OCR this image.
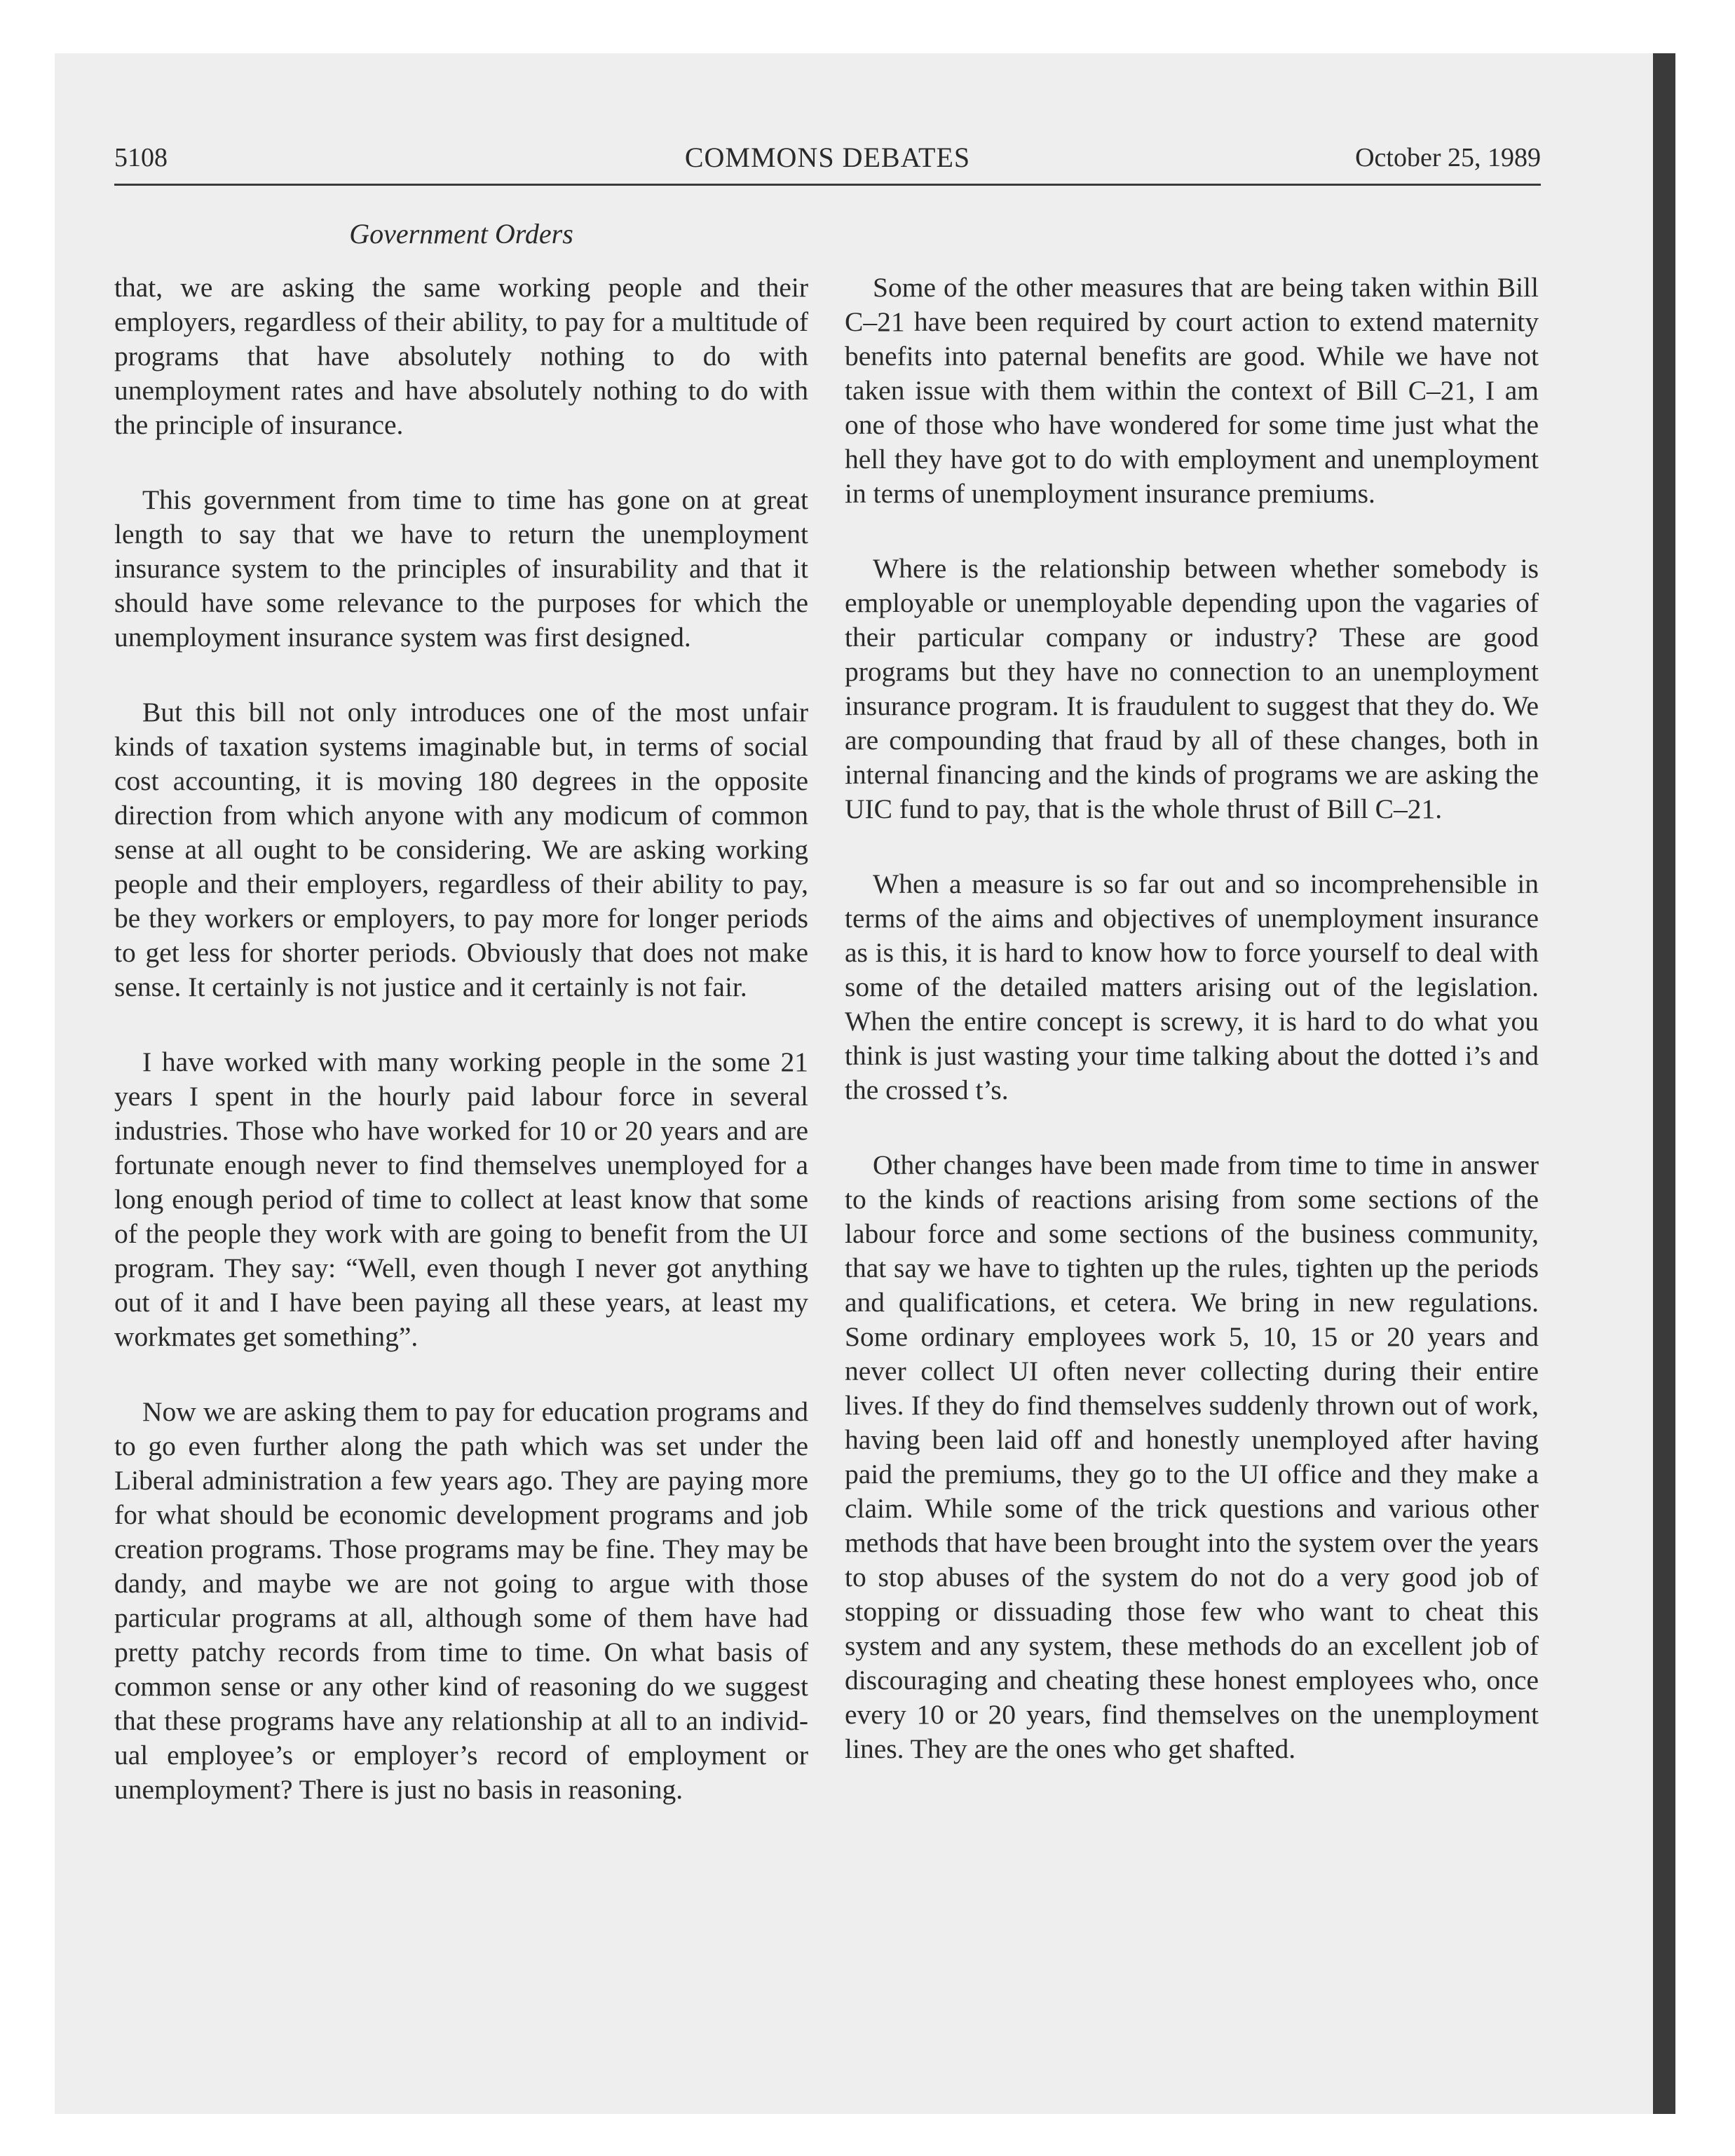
5108	COMMONS DEBATES	October 25, 1989
Government Orders

that, we are asking the same working people and their employers, regardless of their ability, to pay for a multitude of programs that have absolutely nothing to do with unemployment rates and have absolutely nothing to do with the principle of insurance.

This government from time to time has gone on at great length to say that we have to return the unemployment insurance system to the principles of insurability and that it should have some relevance to the purposes for which the unemployment insurance system was first designed.

But this bill not only introduces one of the most unfair kinds of taxation systems imaginable but, in terms of social cost accounting, it is moving 180 degrees in the opposite direction from which anyone with any modicum of common sense at all ought to be considering. We are asking working people and their employers, regardless of their ability to pay, be they workers or employers, to pay more for longer periods to get less for shorter periods. Obviously that does not make sense. It certainly is not justice and it certainly is not fair.

I have worked with many working people in the some 21 years I spent in the hourly paid labour force in several industries. Those who have worked for 10 or 20 years and are fortunate enough never to find themselves unemployed for a long enough period of time to collect at least know that some of the people they work with are going to benefit from the UI program. They say: “Well, even though I never got anything out of it and I have been paying all these years, at least my workmates get something”.

Now we are asking them to pay for education programs and to go even further along the path which was set under the Liberal administration a few years ago. They are paying more for what should be economic development programs and job creation programs. Those programs may be fine. They may be dandy, and maybe we are not going to argue with those particular programs at all, although some of them have had pretty patchy records from time to time. On what basis of common sense or any other kind of reasoning do we suggest that these programs have any relationship at all to an individual employee’s or employer’s record of employment or unemployment? There is just no basis in reasoning.

Some of the other measures that are being taken within Bill C–21 have been required by court action to extend maternity benefits into paternal benefits are good. While we have not taken issue with them within the context of Bill C–21, I am one of those who have wondered for some time just what the hell they have got to do with employment and unemployment in terms of unemployment insurance premiums.

Where is the relationship between whether somebody is employable or unemployable depending upon the vagaries of their particular company or industry? These are good programs but they have no connection to an unemployment insurance program. It is fraudulent to suggest that they do. We are compounding that fraud by all of these changes, both in internal financing and the kinds of programs we are asking the UIC fund to pay, that is the whole thrust of Bill C–21.

When a measure is so far out and so incomprehensible in terms of the aims and objectives of unemployment insurance as is this, it is hard to know how to force yourself to deal with some of the detailed matters arising out of the legislation. When the entire concept is screwy, it is hard to do what you think is just wasting your time talking about the dotted i’s and the crossed t’s.

Other changes have been made from time to time in answer to the kinds of reactions arising from some sections of the labour force and some sections of the business community, that say we have to tighten up the rules, tighten up the periods and qualifications, et cetera. We bring in new regulations. Some ordinary employees work 5, 10, 15 or 20 years and never collect UI often never collecting during their entire lives. If they do find themselves suddenly thrown out of work, having been laid off and honestly unemployed after having paid the premiums, they go to the UI office and they make a claim. While some of the trick questions and various other methods that have been brought into the system over the years to stop abuses of the system do not do a very good job of stopping or dissuading those few who want to cheat this system and any system, these methods do an excellent job of discouraging and cheating these honest employees who, once every 10 or 20 years, find themselves on the unemployment lines. They are the ones who get shafted.
